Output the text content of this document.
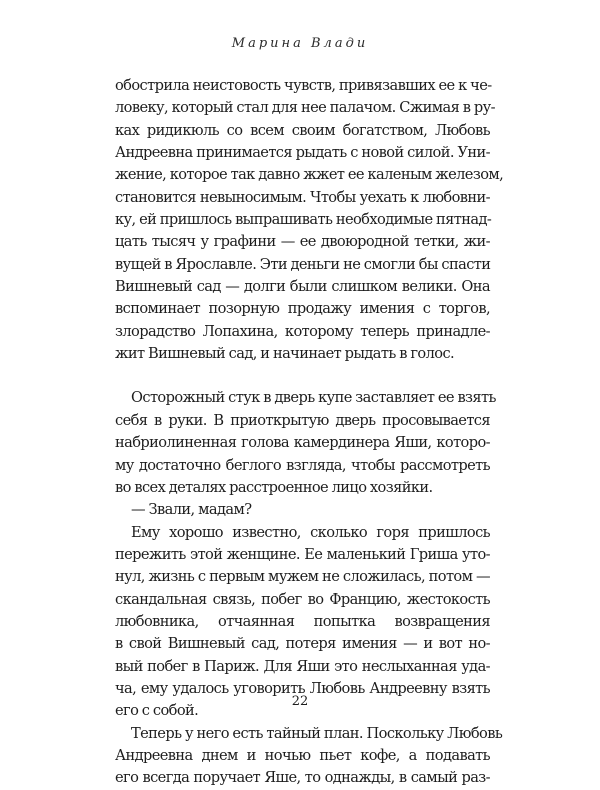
Марина Влади

обострила неистовость чувств, привязавших ее к че-
ловеку, который стал для нее палачом. Сжимая в ру-
ках ридикюль со всем своим богатством, Любовь
Андреевна принимается рыдать с новой силой. Уни-
жение, которое так давно жжет ее каленым железом,
становится невыносимым. Чтобы уехать к любовни-
ку, ей пришлось выпрашивать необходимые пятнад-
цать тысяч у графини — ее двоюродной тетки, жи-
вущей в Ярославле. Эти деньги не смогли бы спасти
Вишневый сад — долги были слишком велики. Она
вспоминает позорную продажу имения с торгов,
злорадство Лопахина, которому теперь принадле-
жит Вишневый сад, и начинает рыдать в голос.

Осторожный стук в дверь купе заставляет ее взять
себя в руки. В приоткрытую дверь просовывается
набриолиненная голова камердинера Яши, которо-
му достаточно беглого взгляда, чтобы рассмотреть
во всех деталях расстроенное лицо хозяйки.

— Звали, мадам?

Ему хорошо известно, сколько горя пришлось
пережить этой женщине. Ее маленький Гриша уто-
нул, жизнь с первым мужем не сложилась, потом —
скандальная связь, побег во Францию, жестокость
любовника, отчаянная попытка возвращения
в свой Вишневый сад, потеря имения — и вот но-
вый побег в Париж. Для Яши это неслыханная уда-
ча, ему удалось уговорить Любовь Андреевну взять
его с собой.

Теперь у него есть тайный план. Поскольку Любовь
Андреевна днем и ночью пьет кофе, а подавать
его всегда поручает Яше, то однажды, в самый раз-

22
